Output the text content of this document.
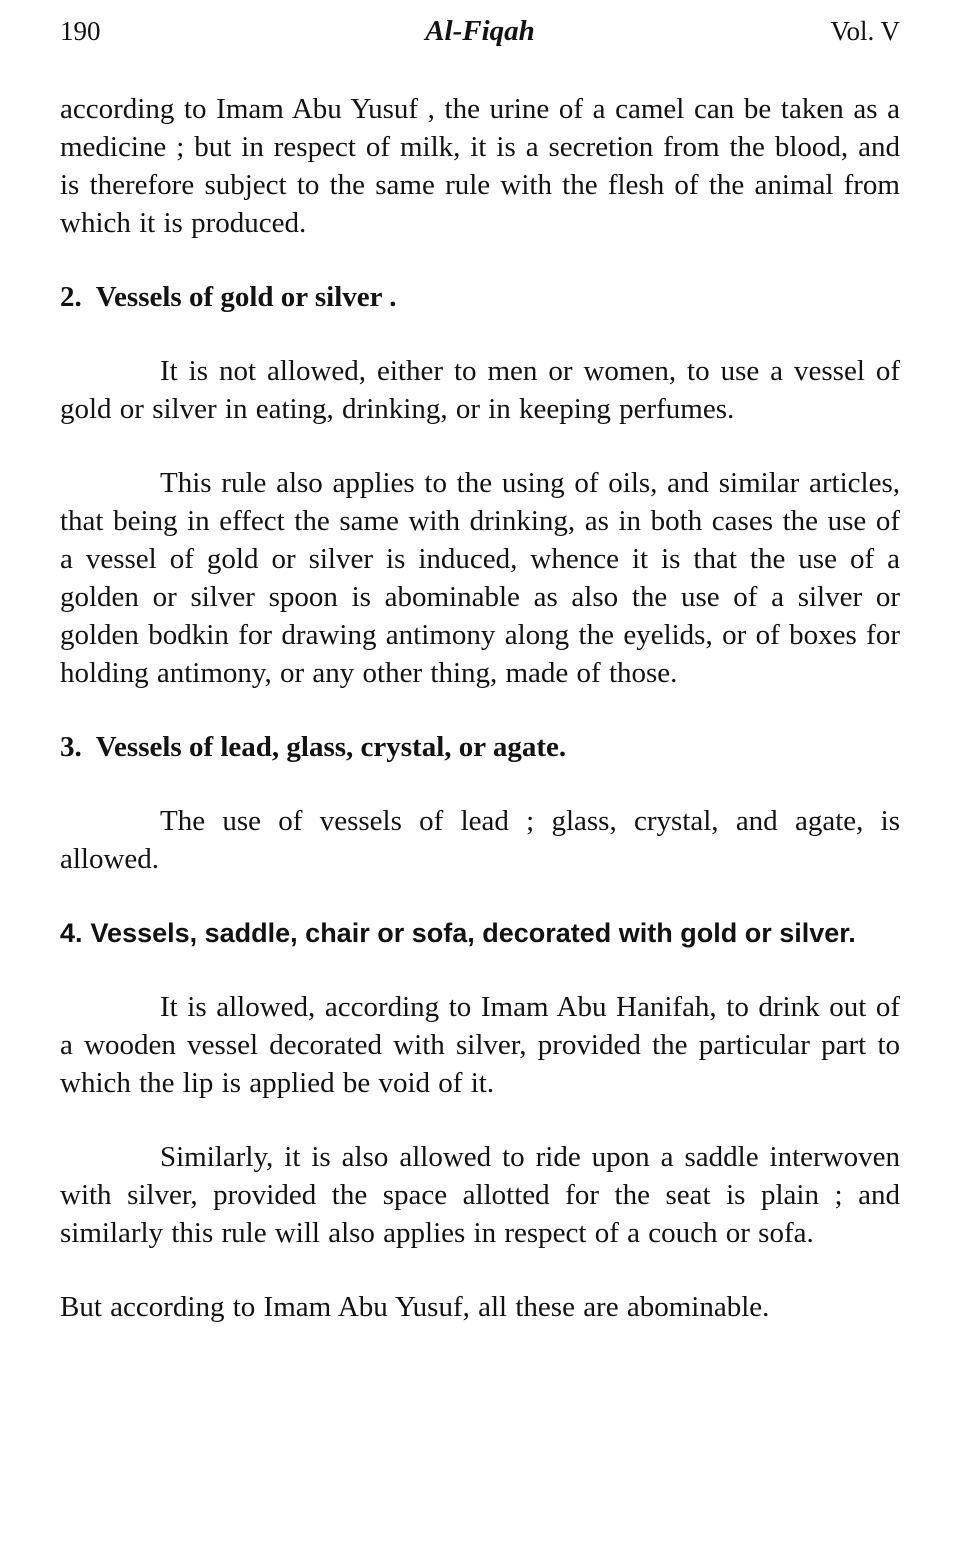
190	Al-Fiqah	Vol. V

according to Imam Abu Yusuf , the urine of a camel can be taken as a medicine ; but in respect of milk, it is a secretion from the blood, and is therefore subject to the same rule with the flesh of the animal from which it is produced.

2. Vessels of gold or silver .

It is not allowed, either to men or women, to use a vessel of gold or silver in eating, drinking, or in keeping perfumes.

This rule also applies to the using of oils, and similar articles, that being in effect the same with drinking, as in both cases the use of a vessel of gold or silver is induced, whence it is that the use of a golden or silver spoon is abominable as also the use of a silver or golden bodkin for drawing antimony along the eyelids, or of boxes for holding antimony, or any other thing, made of those.

3. Vessels of lead, glass, crystal, or agate.

The use of vessels of lead ; glass, crystal, and agate, is allowed.

4. Vessels, saddle, chair or sofa, decorated with gold or silver.

It is allowed, according to Imam Abu Hanifah, to drink out of a wooden vessel decorated with silver, provided the particular part to which the lip is applied be void of it.

Similarly, it is also allowed to ride upon a saddle interwoven with silver, provided the space allotted for the seat is plain ; and similarly this rule will also applies in respect of a couch or sofa.

But according to Imam Abu Yusuf, all these are abominable.
